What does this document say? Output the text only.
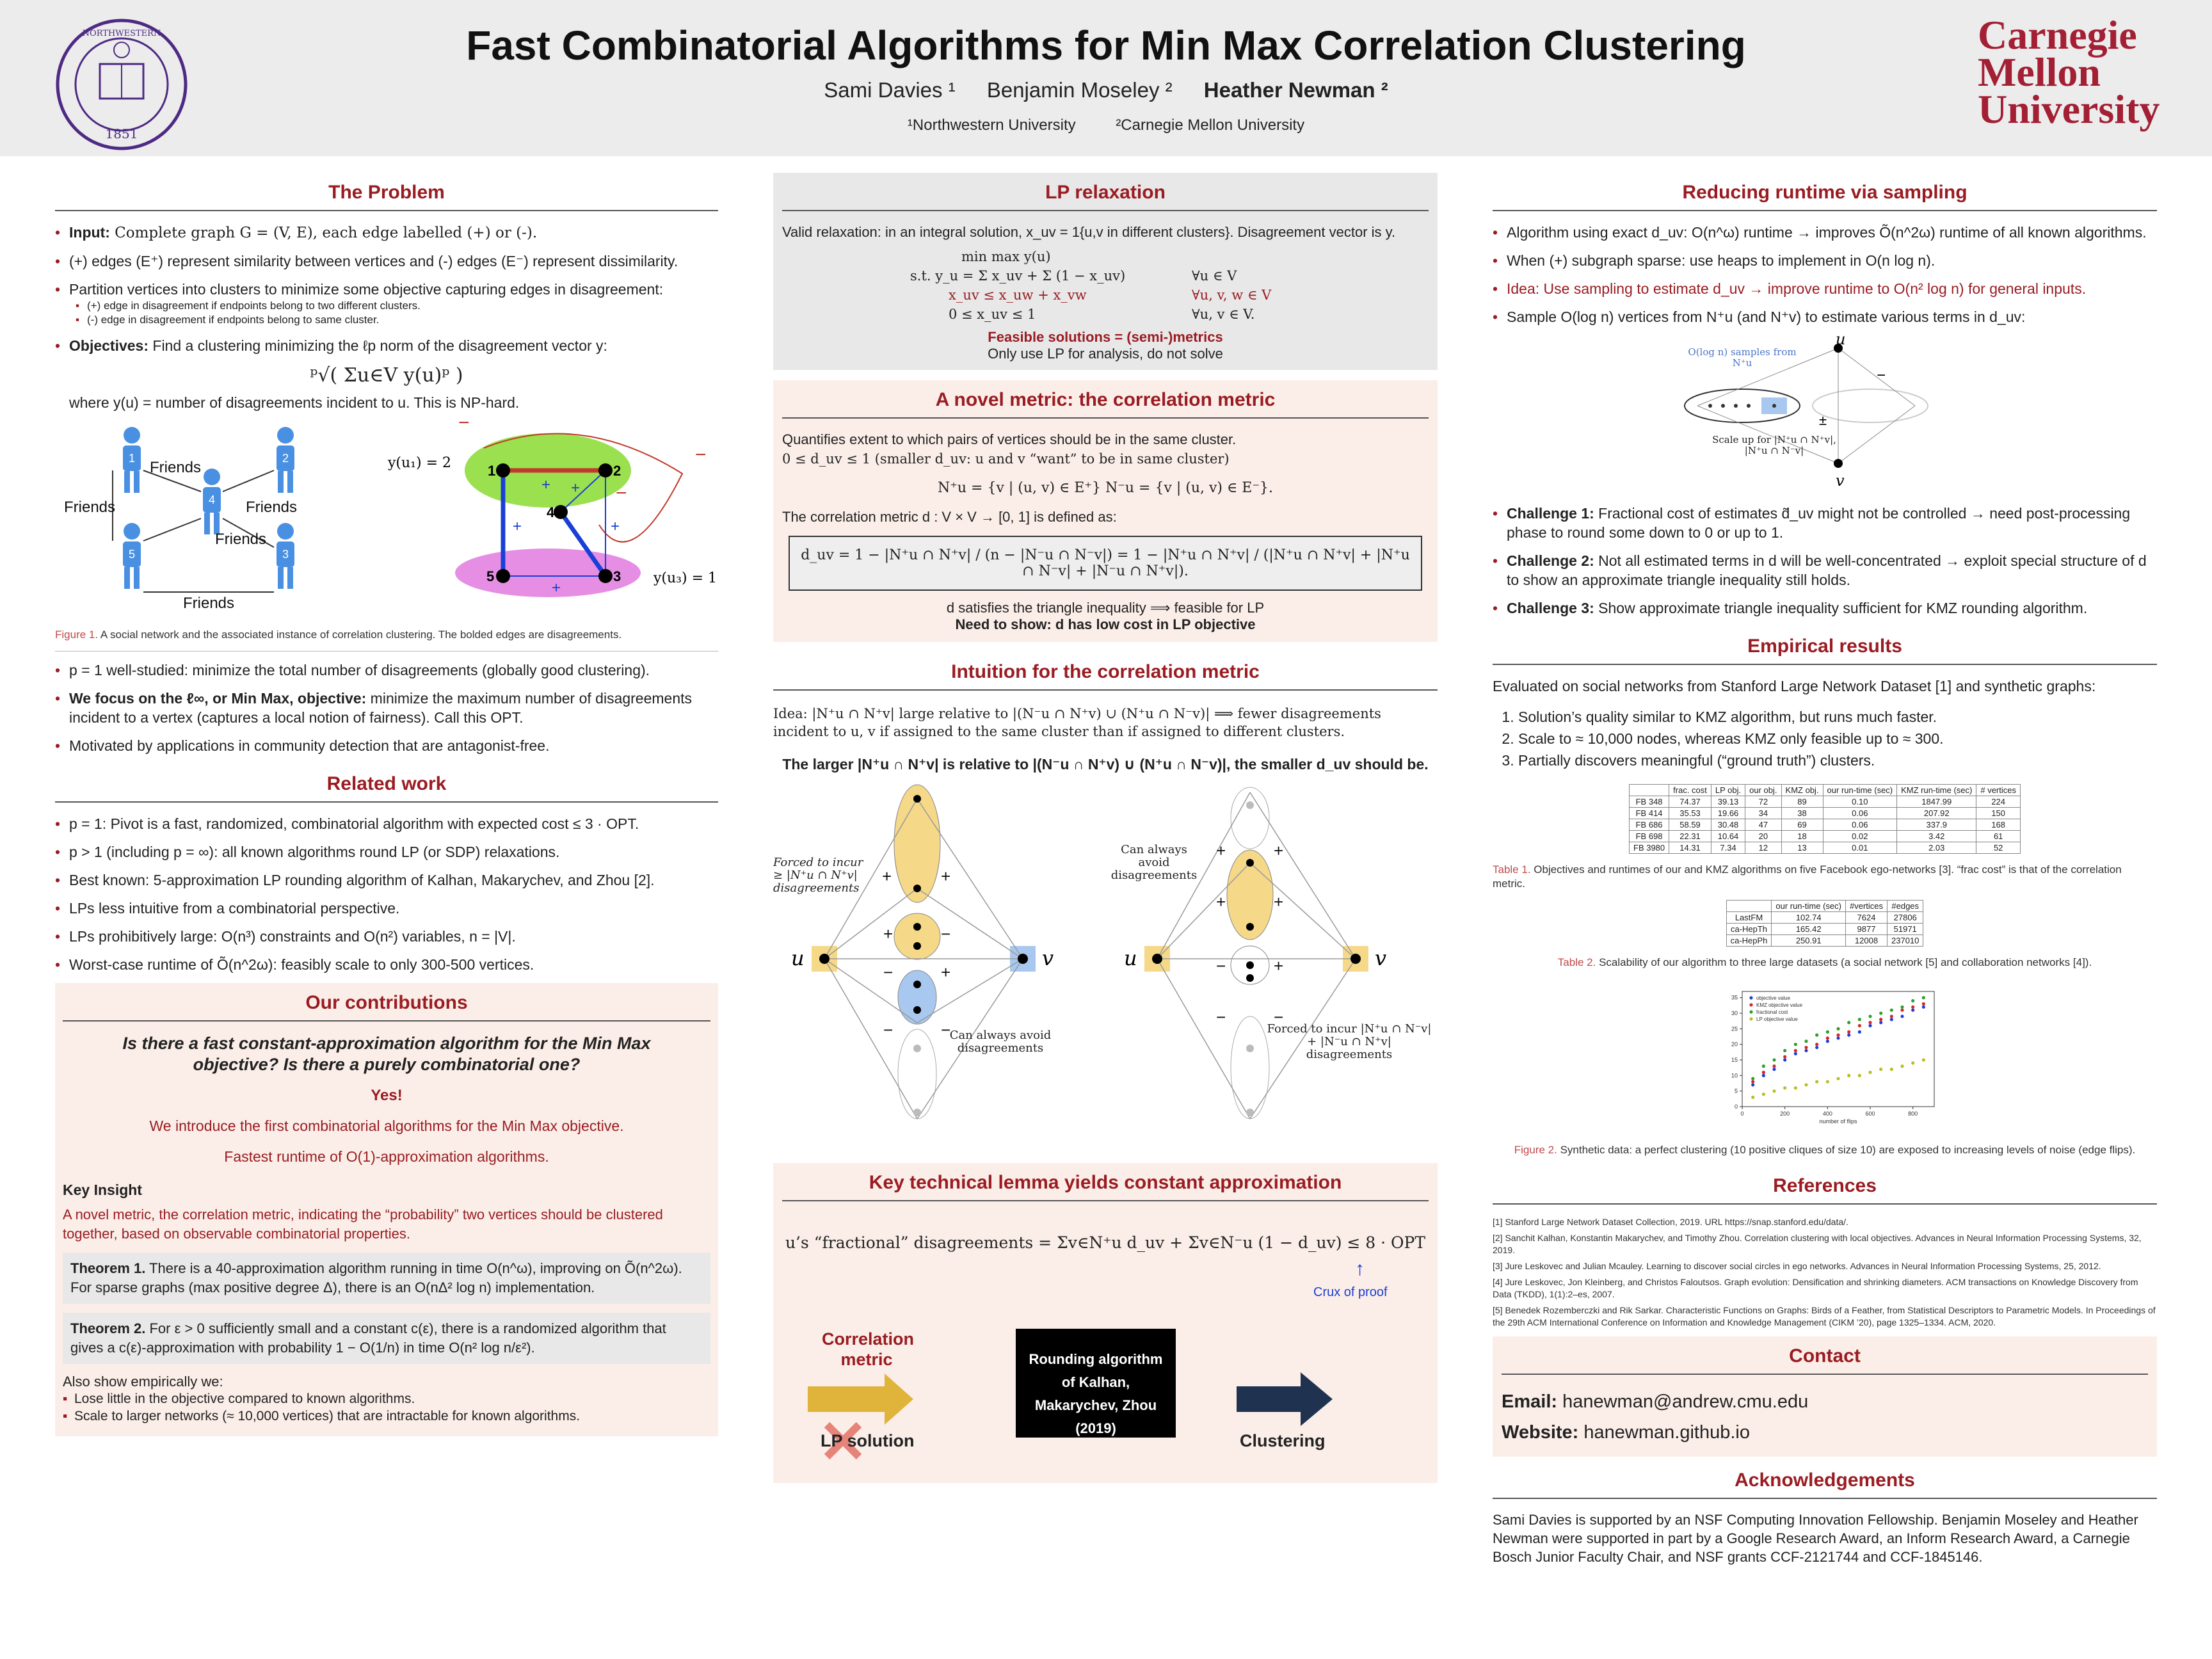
1851
NORTHWESTERN	Fast Combinatorial Algorithms for Min Max Correlation Clustering
Sami Davies ¹ Benjamin Moseley ² Heather Newman ²
¹Northwestern University	²Carnegie Mellon University
Carnegie
Mellon
University
The Problem
• Input: Complete graph G = (V, E), each edge labelled (+) or (-).
• (+) edges (E⁺) represent similarity between vertices and (-) edges (E⁻) represent dissimilarity.
• Partition vertices into clusters to minimize some objective capturing edges in disagreement:
▪ (+) edge in disagreement if endpoints belong to two different clusters.
▪ (-) edge in disagreement if endpoints belong to same cluster.
• Objectives: Find a clustering minimizing the ℓp norm of the disagreement vector y:
ᵖ√( Σu∈V y(u)ᵖ )
where y(u) = number of disagreements incident to u. This is NP-hard.
1	2
4
5	3
Friends
Friends
Friends
Friends
Friends
1	2
4
5	3
−
−
−
+ +
+	+
+
y(u₁) = 2
y(u₃) = 1
Figure 1. A social network and the associated instance of correlation clustering. The bolded edges are disagreements.
• p = 1 well-studied: minimize the total number of disagreements (globally good clustering).
• We focus on the ℓ∞, or Min Max, objective: minimize the maximum number of disagreements incident to a vertex (captures a local notion of fairness). Call this OPT.
• Motivated by applications in community detection that are antagonist-free.
Related work
• p = 1: Pivot is a fast, randomized, combinatorial algorithm with expected cost ≤ 3 · OPT.
• p > 1 (including p = ∞): all known algorithms round LP (or SDP) relaxations.
• Best known: 5-approximation LP rounding algorithm of Kalhan, Makarychev, and Zhou [2].
• LPs less intuitive from a combinatorial perspective.
• LPs prohibitively large: O(n³) constraints and O(n²) variables, n = |V|.
• Worst-case runtime of Õ(n^2ω): feasibly scale to only 300-500 vertices.
Our contributions
Is there a fast constant-approximation algorithm for the Min Max objective? Is there a purely combinatorial one?
Yes!
We introduce the first combinatorial algorithms for the Min Max objective.
Fastest runtime of O(1)-approximation algorithms.
Key Insight
A novel metric, the correlation metric, indicating the “probability” two vertices should be clustered together, based on observable combinatorial properties.
Theorem 1. There is a 40-approximation algorithm running in time O(n^ω), improving on Õ(n^2ω). For sparse graphs (max positive degree Δ), there is an O(nΔ² log n) implementation.
Theorem 2. For ε > 0 sufficiently small and a constant c(ε), there is a randomized algorithm that gives a c(ε)-approximation with probability 1 − O(1/n) in time O(n² log n/ε²).
Also show empirically we:
▪ Lose little in the objective compared to known algorithms.
▪ Scale to larger networks (≈ 10,000 vertices) that are intractable for known algorithms.
LP relaxation
Valid relaxation: in an integral solution, x_uv = 1{u,v in different clusters}. Disagreement vector is y.
min max y(u)
s.t. y_u = Σ x_uv + Σ (1 − x_uv)	∀u ∈ V
x_uv ≤ x_uw + x_vw	∀u, v, w ∈ V
0 ≤ x_uv ≤ 1	∀u, v ∈ V.
Feasible solutions = (semi-)metrics
Only use LP for analysis, do not solve
A novel metric: the correlation metric
Quantifies extent to which pairs of vertices should be in the same cluster.
0 ≤ d_uv ≤ 1 (smaller d_uv: u and v “want” to be in same cluster)
N⁺u = {v | (u, v) ∈ E⁺} N⁻u = {v | (u, v) ∈ E⁻}.
The correlation metric d : V × V → [0, 1] is defined as:
d_uv = 1 − |N⁺u ∩ N⁺v| / (n − |N⁻u ∩ N⁻v|) = 1 − |N⁺u ∩ N⁺v| / (|N⁺u ∩ N⁺v| + |N⁺u ∩ N⁻v| + |N⁻u ∩ N⁺v|).
d satisfies the triangle inequality ⟹ feasible for LP
Need to show: d has low cost in LP objective
Intuition for the correlation metric
Idea: |N⁺u ∩ N⁺v| large relative to |(N⁻u ∩ N⁺v) ∪ (N⁺u ∩ N⁻v)| ⟹ fewer disagreements incident to u, v if assigned to the same cluster than if assigned to different clusters.
The larger |N⁺u ∩ N⁺v| is relative to |(N⁻u ∩ N⁺v) ∪ (N⁺u ∩ N⁻v)|, the smaller d_uv should be.
+	+
+	−
−	+
−	−
u	v
Forced to incur ≥ |N⁺u ∩ N⁺v| disagreements
Can always avoid disagreements
+	+
+	+
−	+
−	−
u	v
Can always avoid disagreements
Forced to incur |N⁺u ∩ N⁻v| + |N⁻u ∩ N⁺v| disagreements
Key technical lemma yields constant approximation
u’s “fractional” disagreements = Σv∈N⁺u d_uv + Σv∈N⁻u (1 − d_uv) ≤ 8 · OPT
↑
Crux of proof
Correlation metric
LP solution
Rounding algorithm of Kalhan, Makarychev, Zhou (2019)
Clustering
Reducing runtime via sampling
• Algorithm using exact d_uv: O(n^ω) runtime → improves Õ(n^2ω) runtime of all known algorithms.
• When (+) subgraph sparse: use heaps to implement in O(n log n).
• Idea: Use sampling to estimate d_uv → improve runtime to O(n² log n) for general inputs.
• Sample O(log n) vertices from N⁺u (and N⁺v) to estimate various terms in d_uv:
u
v
−
±
O(log n) samples from N⁺u
Scale up for |N⁺u ∩ N⁺v|, |N⁺u ∩ N⁻v|
• Challenge 1: Fractional cost of estimates d̃_uv might not be controlled → need post-processing phase to round some down to 0 or up to 1.
• Challenge 2: Not all estimated terms in d will be well-concentrated → exploit special structure of d to show an approximate triangle inequality still holds.
• Challenge 3: Show approximate triangle inequality sufficient for KMZ rounding algorithm.
Empirical results
Evaluated on social networks from Stanford Large Network Dataset [1] and synthetic graphs:
1. Solution’s quality similar to KMZ algorithm, but runs much faster.
2. Scale to ≈ 10,000 nodes, whereas KMZ only feasible up to ≈ 300.
3. Partially discovers meaningful (“ground truth”) clusters.
	frac. cost	LP obj.	our obj.	KMZ obj.	our run-time (sec)	KMZ run-time (sec)	# vertices
FB 348	74.37	39.13	72	89	0.10	1847.99	224
FB 414	35.53	19.66	34	38	0.06	207.92	150
FB 686	58.59	30.48	47	69	0.06	337.9	168
FB 698	22.31	10.64	20	18	0.02	3.42	61
FB 3980	14.31	7.34	12	13	0.01	2.03	52
Table 1. Objectives and runtimes of our and KMZ algorithms on five Facebook ego-networks [3]. “frac cost” is that of the correlation metric.
	our run-time (sec)	#vertices	#edges
LastFM	102.74	7624	27806
ca-HepTh	165.42	9877	51971
ca-HepPh	250.91	12008	237010
Table 2. Scalability of our algorithm to three large datasets (a social network [5] and collaboration networks [4]).
0	200	400	600	800
0
5
10
15
20
25
30
35
number of flips
objective value
KMZ objective value
fractional cost
LP objective value
Figure 2. Synthetic data: a perfect clustering (10 positive cliques of size 10) are exposed to increasing levels of noise (edge flips).
References
[1] Stanford Large Network Dataset Collection, 2019. URL https://snap.stanford.edu/data/.
[2] Sanchit Kalhan, Konstantin Makarychev, and Timothy Zhou. Correlation clustering with local objectives. Advances in Neural Information Processing Systems, 32, 2019.
[3] Jure Leskovec and Julian Mcauley. Learning to discover social circles in ego networks. Advances in Neural Information Processing Systems, 25, 2012.
[4] Jure Leskovec, Jon Kleinberg, and Christos Faloutsos. Graph evolution: Densification and shrinking diameters. ACM transactions on Knowledge Discovery from Data (TKDD), 1(1):2–es, 2007.
[5] Benedek Rozemberczki and Rik Sarkar. Characteristic Functions on Graphs: Birds of a Feather, from Statistical Descriptors to Parametric Models. In Proceedings of the 29th ACM International Conference on Information and Knowledge Management (CIKM ’20), page 1325–1334. ACM, 2020.
Contact
Email: hanewman@andrew.cmu.edu
Website: hanewman.github.io
Acknowledgements
Sami Davies is supported by an NSF Computing Innovation Fellowship. Benjamin Moseley and Heather Newman were supported in part by a Google Research Award, an Inform Research Award, a Carnegie Bosch Junior Faculty Chair, and NSF grants CCF-2121744 and CCF-1845146.
